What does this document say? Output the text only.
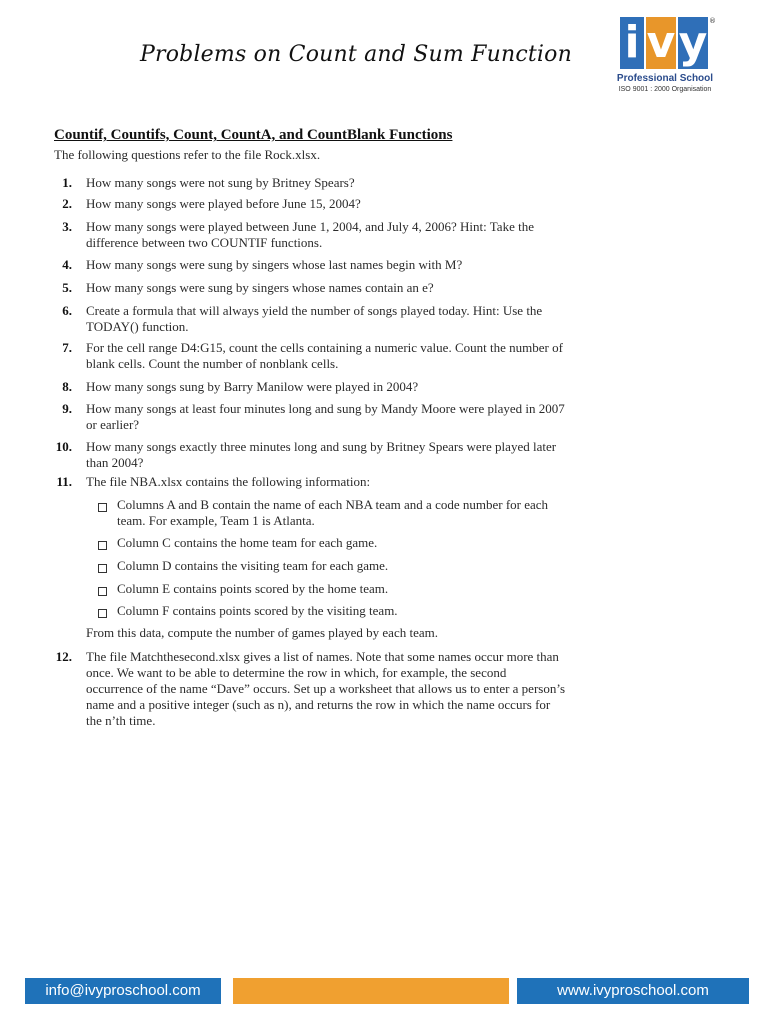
Problems on Count and Sum Function i v y ®
Professional School
ISO 9001 : 2000 Organisation
Countif, Countifs, Count, CountA, and CountBlank Functions
The following questions refer to the file Rock.xlsx.
1. How many songs were not sung by Britney Spears?
2. How many songs were played before June 15, 2004?
3. How many songs were played between June 1, 2004, and July 4, 2006? Hint: Take the difference between two COUNTIF functions.
4. How many songs were sung by singers whose last names begin with M?
5. How many songs were sung by singers whose names contain an e?
6. Create a formula that will always yield the number of songs played today. Hint: Use the TODAY() function.
7. For the cell range D4:G15, count the cells containing a numeric value. Count the number of blank cells. Count the number of nonblank cells.
8. How many songs sung by Barry Manilow were played in 2004?
9. How many songs at least four minutes long and sung by Mandy Moore were played in 2007 or earlier?
10. How many songs exactly three minutes long and sung by Britney Spears were played later than 2004?
11. The file NBA.xlsx contains the following information:
Columns A and B contain the name of each NBA team and a code number for each team. For example, Team 1 is Atlanta.
Column C contains the home team for each game.
Column D contains the visiting team for each game.
Column E contains points scored by the home team.
Column F contains points scored by the visiting team.
From this data, compute the number of games played by each team.
12. The file Matchthesecond.xlsx gives a list of names. Note that some names occur more than once. We want to be able to determine the row in which, for example, the second occurrence of the name “Dave” occurs. Set up a worksheet that allows us to enter a person’s name and a positive integer (such as n), and returns the row in which the name occurs for the n’th time.
info@ivyproschool.com	www.ivyproschool.com
